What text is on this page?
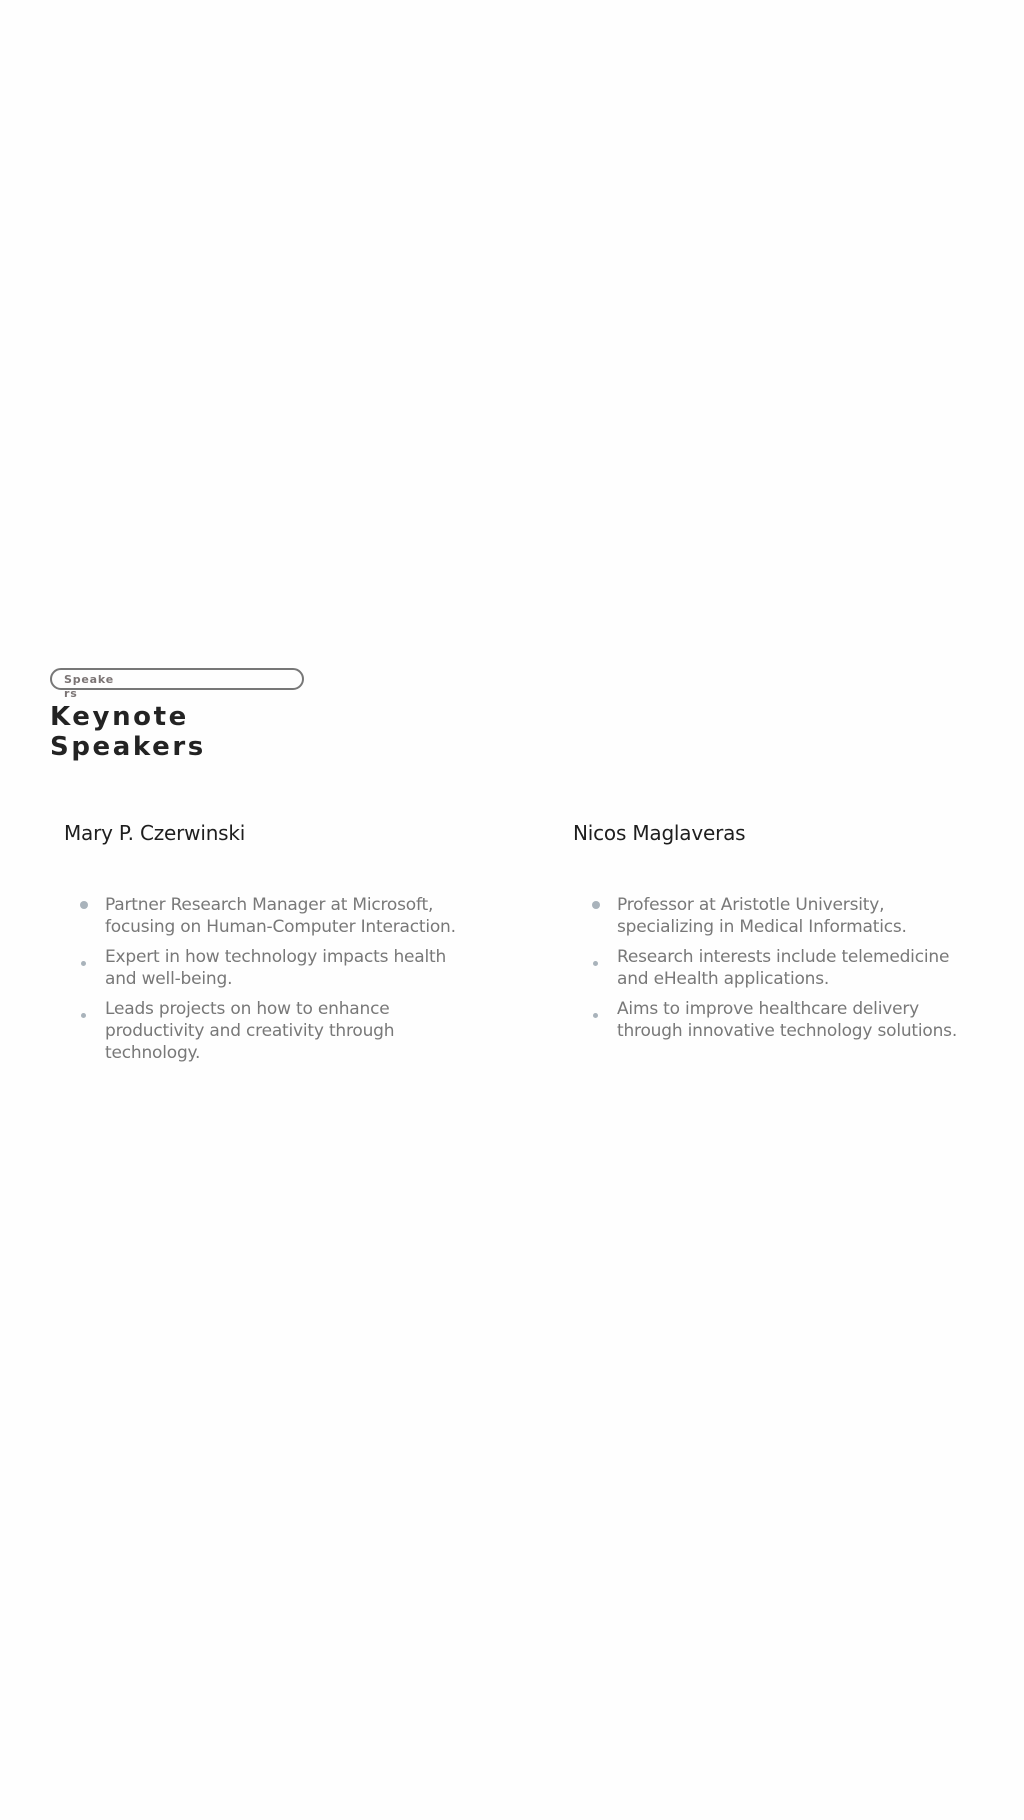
Speakers
Keynote Speakers
Mary P. Czerwinski
Partner Research Manager at Microsoft, focusing on Human-Computer Interaction.
Expert in how technology impacts health and well-being.
Leads projects on how to enhance productivity and creativity through technology.
Nicos Maglaveras
Professor at Aristotle University, specializing in Medical Informatics.
Research interests include telemedicine and eHealth applications.
Aims to improve healthcare delivery through innovative technology solutions.
